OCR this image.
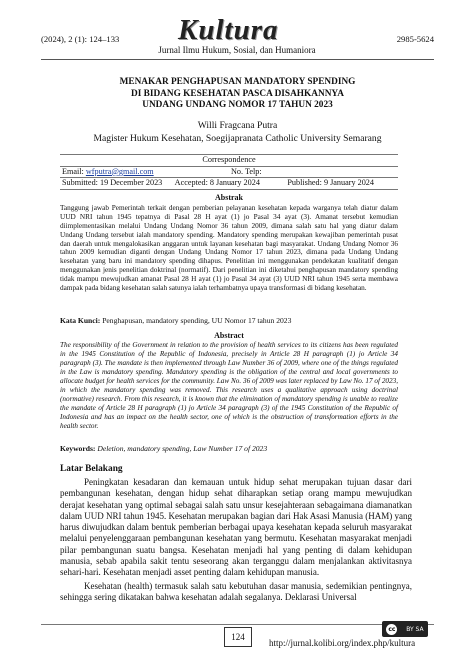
(2024), 2 (1): 124–133 Kultura	2985-5624
Jurnal Ilmu Hukum, Sosial, dan Humaniora
MENAKAR PENGHAPUSAN MANDATORY SPENDING
DI BIDANG KESEHATAN PASCA DISAHKANNYA
UNDANG UNDANG NOMOR 17 TAHUN 2023
Willi Fragcana Putra
Magister Hukum Kesehatan, Soegijapranata Catholic University Semarang
Correspondence
Email: wfputra@gmail.com	No. Telp:
Submitted: 19 December 2023	Accepted: 8 January 2024	Published: 9 January 2024
Abstrak
Tanggung jawab Pemerintah terkait dengan pemberian pelayanan kesehatan kepada warganya telah diatur dalam UUD NRI tahun 1945 tepatnya di Pasal 28 H ayat (1) jo Pasal 34 ayat (3). Amanat tersebut kemudian diimplementasikan melalui Undang Undang Nomor 36 tahun 2009, dimana salah satu hal yang diatur dalam Undang Undang tersebut ialah mandatory spending. Mandatory spending merupakan kewajiban pemerintah pusat dan daerah untuk mengalokasikan anggaran untuk layanan kesehatan bagi masyarakat. Undang Undang Nomor 36 tahun 2009 kemudian diganti dengan Undang Undang Nomor 17 tahun 2023, dimana pada Undang Undang kesehatan yang baru ini mandatory spending dihapus. Penelitian ini menggunakan pendekatan kualitatif dengan menggunakan jenis penelitian doktrinal (normatif). Dari penelitian ini diketahui penghapusan mandatory spending tidak mampu mewujudkan amanat Pasal 28 H ayat (1) jo Pasal 34 ayat (3) UUD NRI tahun 1945 serta membawa dampak pada bidang kesehatan salah satunya ialah terhambatnya upaya transformasi di bidang kesehatan.
Kata Kunci: Penghapusan, mandatory spending, UU Nomor 17 tahun 2023
Abstract
The responsibility of the Government in relation to the provision of health services to its citizens has been regulated in the 1945 Constitution of the Republic of Indonesia, precisely in Article 28 H paragraph (1) jo Article 34 paragraph (3). The mandate is then implemented through Law Number 36 of 2009, where one of the things regulated in the Law is mandatory spending. Mandatory spending is the obligation of the central and local governments to allocate budget for health services for the community. Law No. 36 of 2009 was later replaced by Law No. 17 of 2023, in which the mandatory spending was removed. This research uses a qualitative approach using doctrinal (normative) research. From this research, it is known that the elimination of mandatory spending is unable to realize the mandate of Article 28 H paragraph (1) jo Article 34 paragraph (3) of the 1945 Constitution of the Republic of Indonesia and has an impact on the health sector, one of which is the obstruction of transformation efforts in the health sector.
Keywords: Deletion, mandatory spending, Law Number 17 of 2023
Latar Belakang

Peningkatan kesadaran dan kemauan untuk hidup sehat merupakan tujuan dasar dari pembangunan kesehatan, dengan hidup sehat diharapkan setiap orang mampu mewujudkan derajat kesehatan yang optimal sebagai salah satu unsur kesejahteraan sebagaimana diamanatkan dalam UUD NRI tahun 1945. Kesehatan merupakan bagian dari Hak Asasi Manusia (HAM) yang harus diwujudkan dalam bentuk pemberian berbagai upaya kesehatan kepada seluruh masyarakat melalui penyelenggaraan pembangunan kesehatan yang bermutu. Kesehatan masyarakat menjadi pilar pembangunan suatu bangsa. Kesehatan menjadi hal yang penting di dalam kehidupan manusia, sebab apabila sakit tentu seseorang akan terganggu dalam menjalankan aktivitasnya sehari-hari. Kesehatan menjadi asset penting dalam kehidupan manusia.

Kesehatan (health) termasuk salah satu kebutuhan dasar manusia, sedemikian pentingnya, sehingga sering dikatakan bahwa kesehatan adalah segalanya. Deklarasi Universal

124
cc	BY SA
http://jurnal.kolibi.org/index.php/kultura
